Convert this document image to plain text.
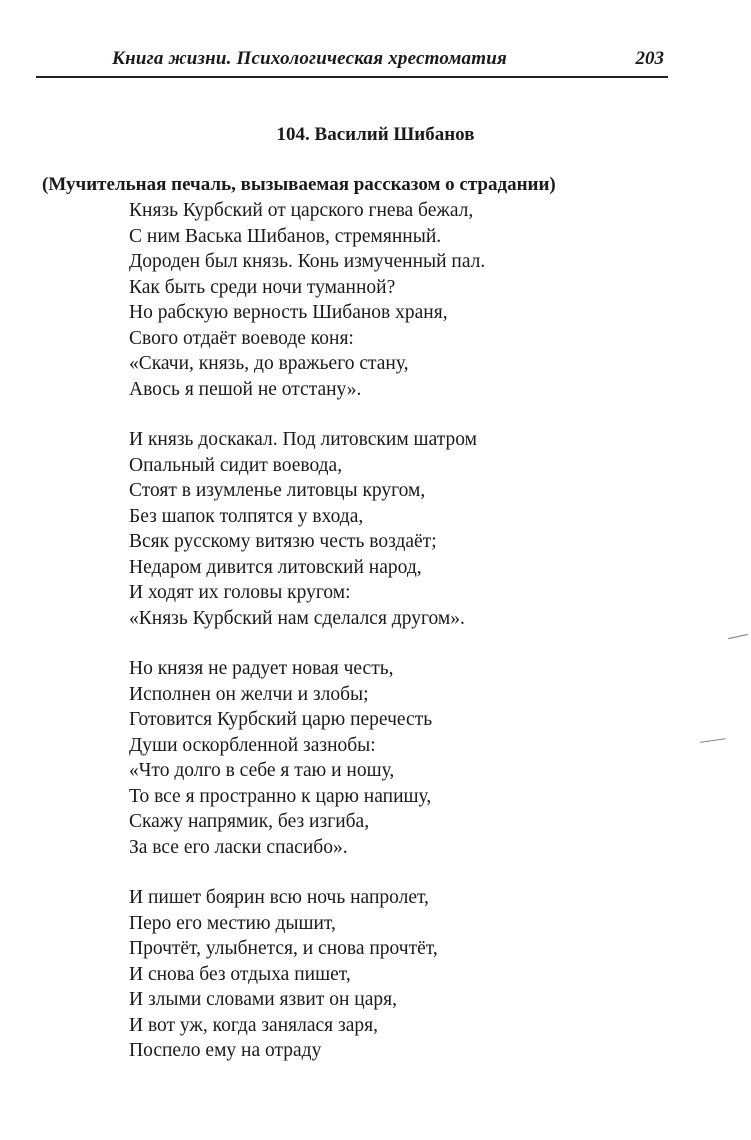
Книга жизни. Психологическая хрестоматия	203
104. Василий Шибанов
(Мучительная печаль, вызываемая рассказом о страдании)
Князь Курбский от царского гнева бежал,
С ним Васька Шибанов, стремянный.
Дороден был князь. Конь измученный пал.
Как быть среди ночи туманной?
Но рабскую верность Шибанов храня,
Свого отдаёт воеводе коня:
«Скачи, князь, до вражьего стану,
Авось я пешой не отстану».
И князь доскакал. Под литовским шатром
Опальный сидит воевода,
Стоят в изумленье литовцы кругом,
Без шапок толпятся у входа,
Всяк русскому витязю честь воздаёт;
Недаром дивится литовский народ,
И ходят их головы кругом:
«Князь Курбский нам сделался другом».
Но князя не радует новая честь,
Исполнен он желчи и злобы;
Готовится Курбский царю перечесть
Души оскорбленной зазнобы:
«Что долго в себе я таю и ношу,
То все я пространно к царю напишу,
Скажу напрямик, без изгиба,
За все его ласки спасибо».
И пишет боярин всю ночь напролет,
Перо его местию дышит,
Прочтёт, улыбнется, и снова прочтёт,
И снова без отдыха пишет,
И злыми словами язвит он царя,
И вот уж, когда занялася заря,
Поспело ему на отраду
